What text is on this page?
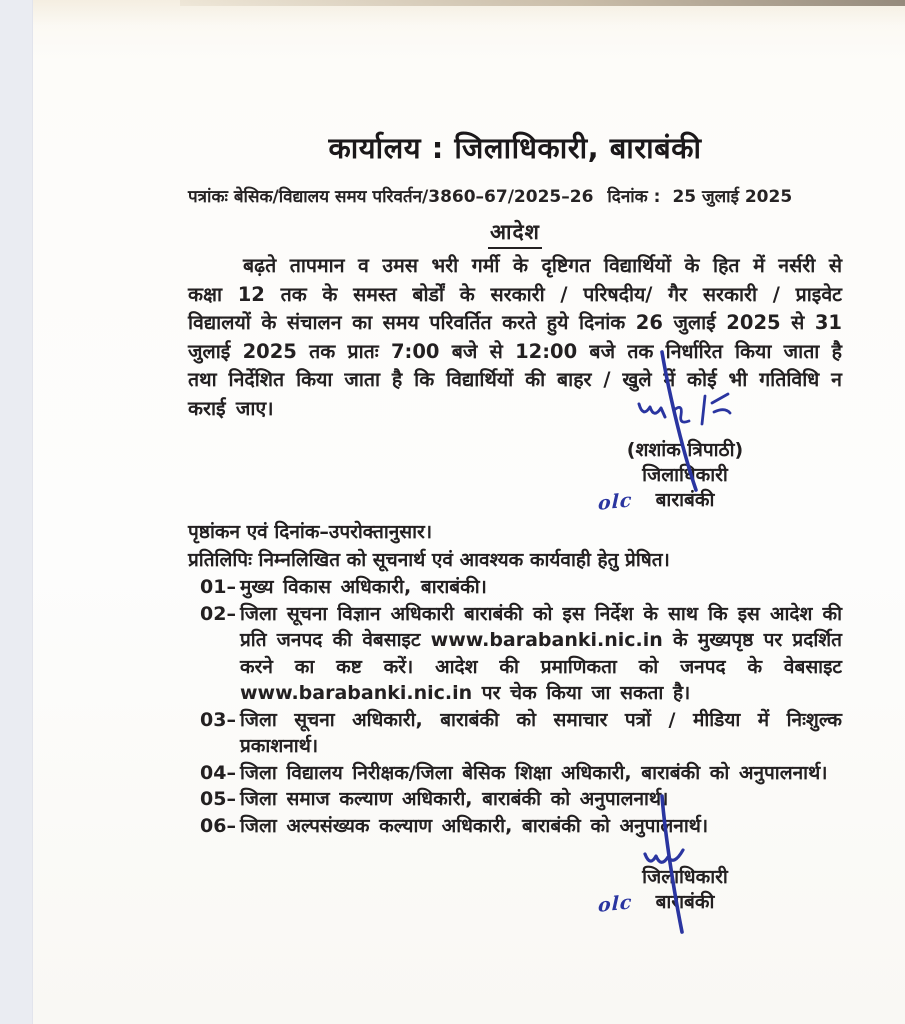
कार्यालय : जिलाधिकारी, बाराबंकी
पत्रांकः बेसिक/विद्यालय समय परिवर्तन/3860–67/2025–26 दिनांक : 25 जुलाई 2025
आदेश
बढ़ते तापमान व उमस भरी गर्मी के दृष्टिगत विद्यार्थियों के हित में नर्सरी से कक्षा 12 तक के समस्त बोर्डों के सरकारी / परिषदीय/ गैर सरकारी / प्राइवेट विद्यालयों के संचालन का समय परिवर्तित करते हुये दिनांक 26 जुलाई 2025 से 31 जुलाई 2025 तक प्रातः 7:00 बजे से 12:00 बजे तक निर्धारित किया जाता है तथा निर्देशित किया जाता है कि विद्यार्थियों की बाहर / खुले में कोई भी गतिविधि न कराई जाए।
(शशांक त्रिपाठी)
जिलाधिकारी
olc बाराबंकी
पृष्ठांकन एवं दिनांक–उपरोक्तानुसार।
प्रतिलिपिः निम्नलिखित को सूचनार्थ एवं आवश्यक कार्यवाही हेतु प्रेषित।
01– मुख्य विकास अधिकारी, बाराबंकी।
02– जिला सूचना विज्ञान अधिकारी बाराबंकी को इस निर्देश के साथ कि इस आदेश की प्रति जनपद की वेबसाइट www.barabanki.nic.in के मुख्यपृष्ठ पर प्रदर्शित करने का कष्ट करें। आदेश की प्रमाणिकता को जनपद के वेबसाइट www.barabanki.nic.in पर चेक किया जा सकता है।
03– जिला सूचना अधिकारी, बाराबंकी को समाचार पत्रों / मीडिया में निःशुल्क प्रकाशनार्थ।
04– जिला विद्यालय निरीक्षक/जिला बेसिक शिक्षा अधिकारी, बाराबंकी को अनुपालनार्थ।
05– जिला समाज कल्याण अधिकारी, बाराबंकी को अनुपालनार्थ।
06– जिला अल्पसंख्यक कल्याण अधिकारी, बाराबंकी को अनुपालनार्थ।
जिलाधिकारी
olc बाराबंकी
